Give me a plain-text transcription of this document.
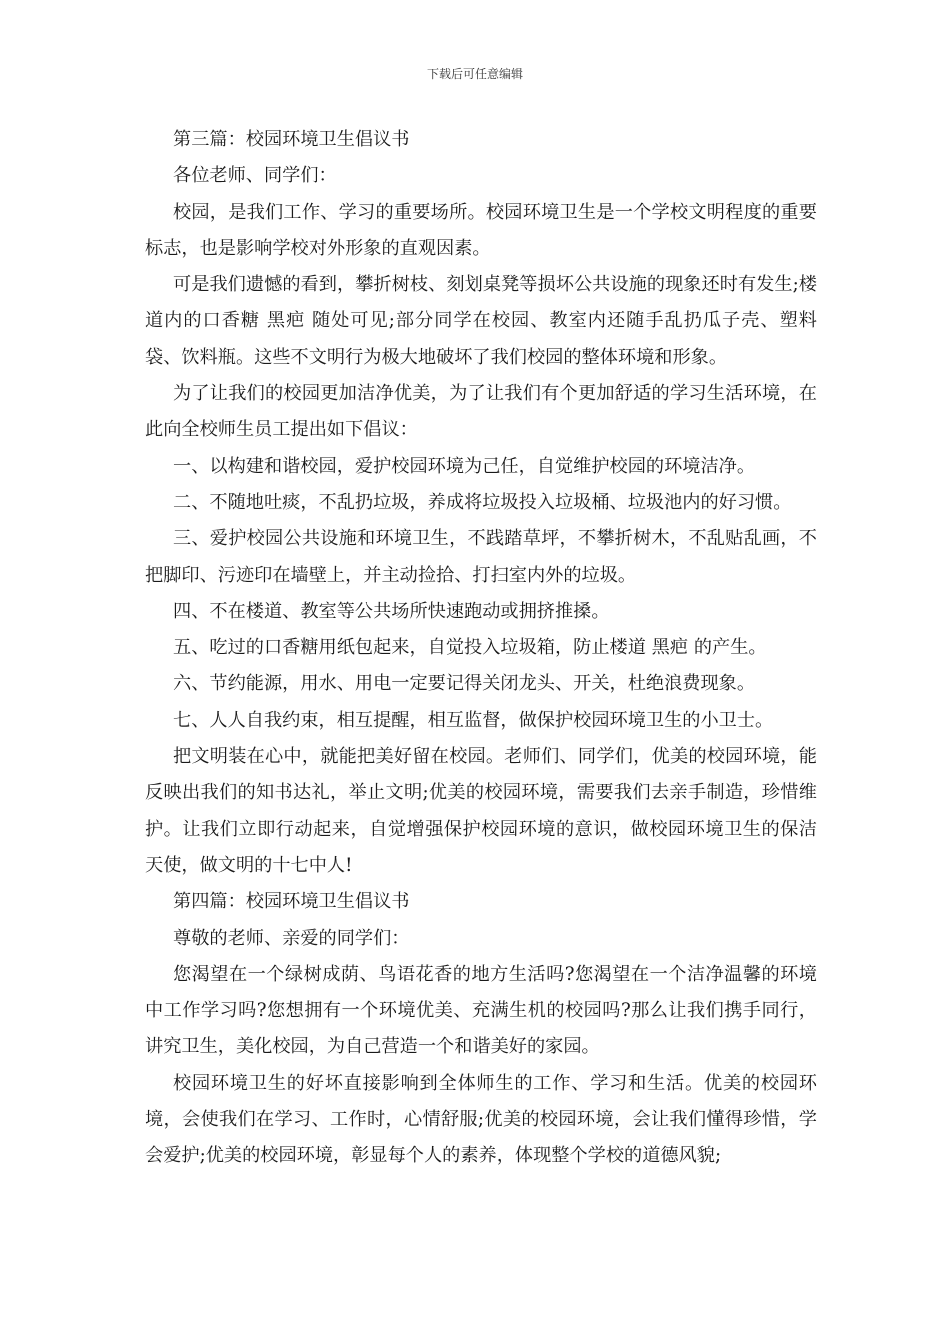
下载后可任意编辑

第三篇：校园环境卫生倡议书

各位老师、同学们：

校园，是我们工作、学习的重要场所。校园环境卫生是一个学校文明程度的重要标志，也是影响学校对外形象的直观因素。

可是我们遗憾的看到，攀折树枝、刻划桌凳等损坏公共设施的现象还时有发生;楼道内的口香糖 黑疤 随处可见;部分同学在校园、教室内还随手乱扔瓜子壳、塑料袋、饮料瓶。这些不文明行为极大地破坏了我们校园的整体环境和形象。

为了让我们的校园更加洁净优美，为了让我们有个更加舒适的学习生活环境，在此向全校师生员工提出如下倡议：

一、以构建和谐校园，爱护校园环境为己任，自觉维护校园的环境洁净。

二、不随地吐痰，不乱扔垃圾，养成将垃圾投入垃圾桶、垃圾池内的好习惯。

三、爱护校园公共设施和环境卫生，不践踏草坪，不攀折树木，不乱贴乱画，不把脚印、污迹印在墙壁上，并主动捡拾、打扫室内外的垃圾。

四、不在楼道、教室等公共场所快速跑动或拥挤推搡。

五、吃过的口香糖用纸包起来，自觉投入垃圾箱，防止楼道 黑疤 的产生。

六、节约能源，用水、用电一定要记得关闭龙头、开关，杜绝浪费现象。

七、人人自我约束，相互提醒，相互监督，做保护校园环境卫生的小卫士。

把文明装在心中，就能把美好留在校园。老师们、同学们，优美的校园环境，能反映出我们的知书达礼，举止文明;优美的校园环境，需要我们去亲手制造，珍惜维护。让我们立即行动起来，自觉增强保护校园环境的意识，做校园环境卫生的保洁天使，做文明的十七中人!

第四篇：校园环境卫生倡议书

尊敬的老师、亲爱的同学们：

您渴望在一个绿树成荫、鸟语花香的地方生活吗?您渴望在一个洁净温馨的环境中工作学习吗?您想拥有一个环境优美、充满生机的校园吗?那么让我们携手同行，讲究卫生，美化校园，为自己营造一个和谐美好的家园。

校园环境卫生的好坏直接影响到全体师生的工作、学习和生活。优美的校园环境，会使我们在学习、工作时，心情舒服;优美的校园环境，会让我们懂得珍惜，学会爱护;优美的校园环境，彰显每个人的素养，体现整个学校的道德风貌;
